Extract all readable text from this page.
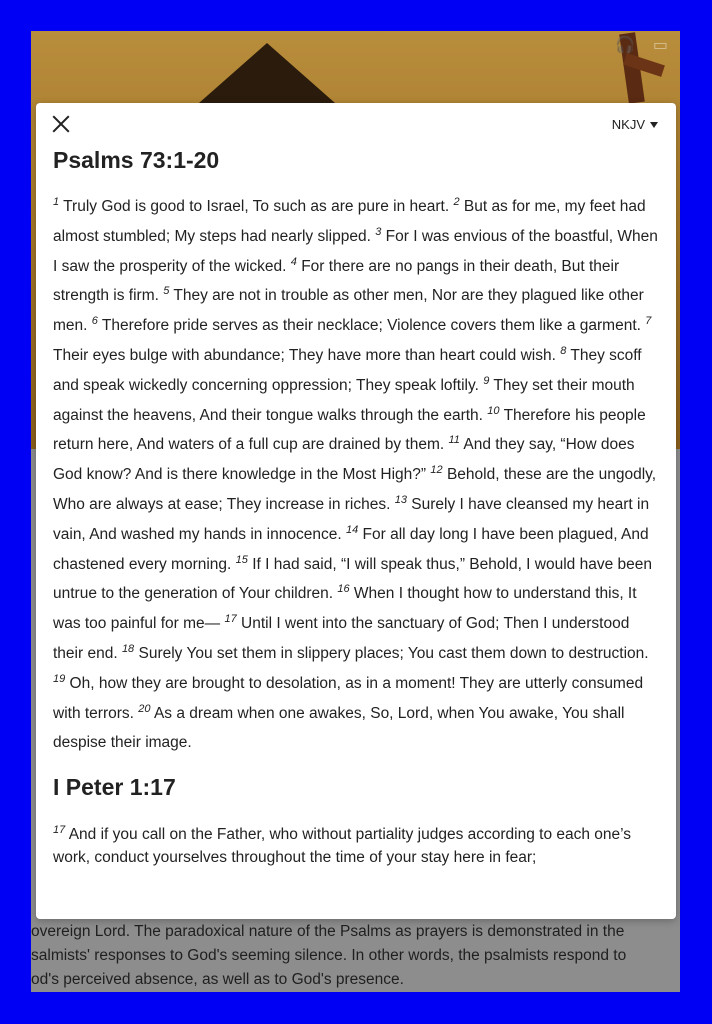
🎧 ▭

overeign Lord. The paradoxical nature of the Psalms as prayers is demonstrated in the

salmists' responses to God's seeming silence. In other words, the psalmists respond to

od's perceived absence, as well as to God's presence.

NKJV
Psalms 73:1-20

$^1$ Truly God is good to Israel, To such as are pure in heart. $^2$ But as for me, my feet had almost stumbled; My steps had nearly slipped. $^3$ For I was envious of the boastful, When I saw the prosperity of the wicked. $^4$ For there are no pangs in their death, But their strength is firm. $^5$ They are not in trouble as other men, Nor are they plagued like other men. $^6$ Therefore pride serves as their necklace; Violence covers them like a garment. $^7$ Their eyes bulge with abundance; They have more than heart could wish. $^8$ They scoff and speak wickedly concerning oppression; They speak loftily. $^9$ They set their mouth against the heavens, And their tongue walks through the earth. $^{10}$ Therefore his people return here, And waters of a full cup are drained by them. $^{11}$ And they say, “How does God know? And is there knowledge in the Most High?” $^{12}$ Behold, these are the ungodly, Who are always at ease; They increase in riches. $^{13}$ Surely I have cleansed my heart in vain, And washed my hands in innocence. $^{14}$ For all day long I have been plagued, And chastened every morning. $^{15}$ If I had said, “I will speak thus,” Behold, I would have been untrue to the generation of Your children. $^{16}$ When I thought how to understand this, It was too painful for me— $^{17}$ Until I went into the sanctuary of God; Then I understood their end. $^{18}$ Surely You set them in slippery places; You cast them down to destruction. $^{19}$ Oh, how they are brought to desolation, as in a moment! They are utterly consumed with terrors. $^{20}$ As a dream when one awakes, So, Lord, when You awake, You shall despise their image.

I Peter 1:17

$^{17}$ And if you call on the Father, who without partiality judges according to each one’s work, conduct yourselves throughout the time of your stay here in fear;
